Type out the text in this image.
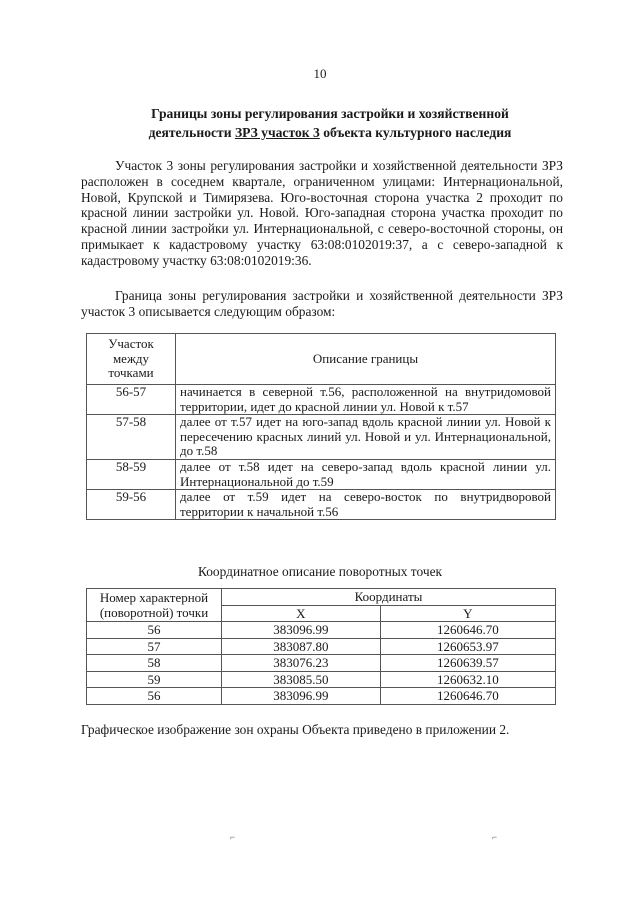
10
Границы зоны регулирования застройки и хозяйственной
деятельности ЗРЗ участок 3 объекта культурного наследия

Участок 3 зоны регулирования застройки и хозяйственной деятельности ЗРЗ расположен в соседнем квартале, ограниченном улицами: Интернациональной, Новой, Крупской и Тимирязева. Юго-восточная сторона участка 2 проходит по красной линии застройки ул. Новой. Юго-западная сторона участка проходит по красной линии застройки ул. Интернациональной, с северо-восточной стороны, он примыкает к кадастровому участку 63:08:0102019:37, а с северо-западной к кадастровому участку 63:08:0102019:36.

Граница зоны регулирования застройки и хозяйственной деятельности ЗРЗ участок 3 описывается следующим образом:

Участок между точками	Описание границы
56-57	начинается в северной т.56, расположенной на внутридомовой территории, идет до красной линии ул. Новой к т.57
57-58	далее от т.57 идет на юго-запад вдоль красной линии ул. Новой к пересечению красных линий ул. Новой и ул. Интернациональной, до т.58
58-59	далее от т.58 идет на северо-запад вдоль красной линии ул. Интернациональной до т.59
59-56	далее от т.59 идет на северо-восток по внутридворовой территории к начальной т.56
Координатное описание поворотных точек
Номер характерной (поворотной) точки	Координаты	
	X	Y
56	383096.99	1260646.70
57	383087.80	1260653.97
58	383076.23	1260639.57
59	383085.50	1260632.10
56	383096.99	1260646.70
Графическое изображение зон охраны Объекта приведено в приложении 2.
⌐	⌐
